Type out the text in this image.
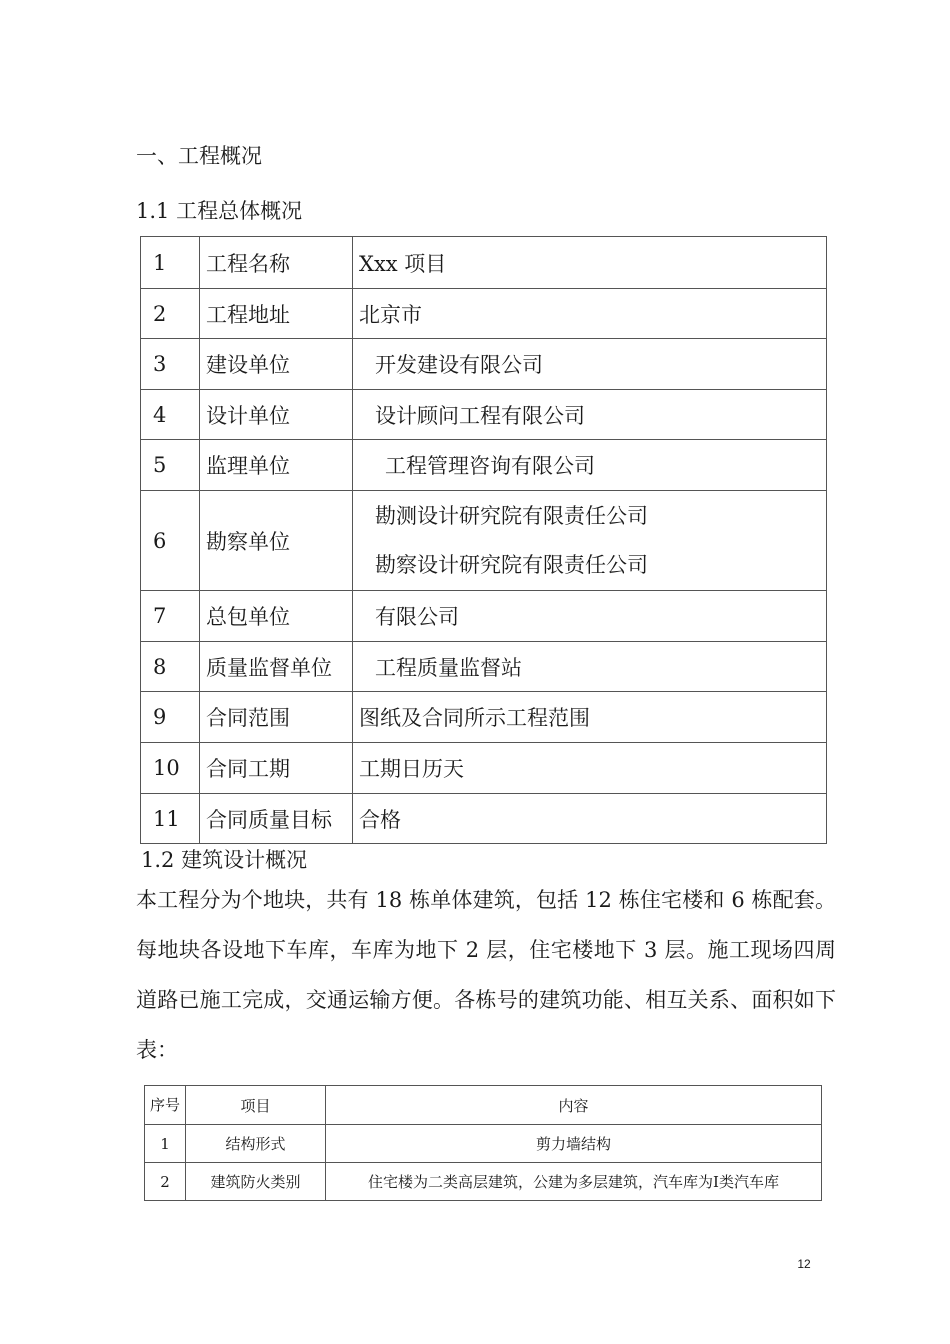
一、工程概况
1.1 工程总体概况
1	工程名称	Xxx 项目
2	工程地址	北京市
3	建设单位	开发建设有限公司
4	设计单位	设计顾问工程有限公司
5	监理单位	工程管理咨询有限公司
6	勘察单位	勘测设计研究院有限责任公司
勘察设计研究院有限责任公司

7	总包单位	有限公司
8	质量监督单位	工程质量监督站
9	合同范围	图纸及合同所示工程范围
10	合同工期	工期日历天
11	合同质量目标	合格
1.2 建筑设计概况
本工程分为个地块，共有 18 栋单体建筑，包括 12 栋住宅楼和 6 栋配套。每地块各设地下车库，车库为地下 2 层，住宅楼地下 3 层。施工现场四周道路已施工完成，交通运输方便。各栋号的建筑功能、相互关系、面积如下表：
序号	项目	内容
1	结构形式	剪力墙结构
2	建筑防火类别	住宅楼为二类高层建筑，公建为多层建筑，汽车库为Ⅰ类汽车库
12
